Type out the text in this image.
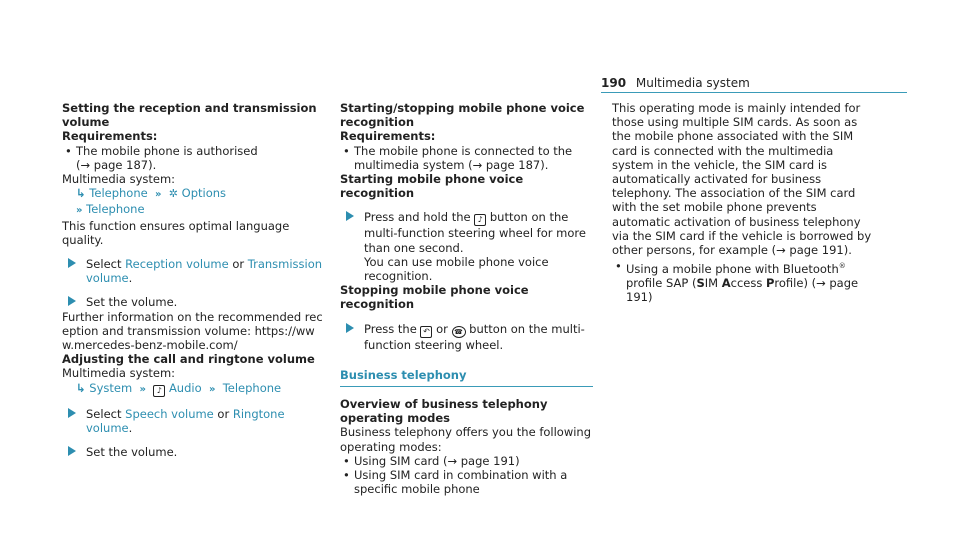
190 Multimedia system
Setting the reception and transmission volume
Requirements:
• The mobile phone is authorised
(→ page 187).
Multimedia system:
↳ Telephone » ✲ Options
» Telephone
This function ensures optimal language quality.
Select Reception volume or Transmission volume.
Set the volume.
Further information on the recommended reception and transmission volume: https://www.mercedes-benz-mobile.com/
Adjusting the call and ringtone volume
Multimedia system:
↳ System » ♪ Audio » Telephone
Select Speech volume or Ringtone volume.
Set the volume.
Starting/stopping mobile phone voice recognition
Requirements:
• The mobile phone is connected to the multimedia system (→ page 187).
Starting mobile phone voice recognition
Press and hold the ♪ button on the multi-function steering wheel for more than one second.
You can use mobile phone voice recognition.
Stopping mobile phone voice recognition
Press the ↶ or ☎ button on the multi-function steering wheel.
Business telephony
Overview of business telephony operating modes
Business telephony offers you the following operating modes:
• Using SIM card (→ page 191)
• Using SIM card in combination with a specific mobile phone
This operating mode is mainly intended for those using multiple SIM cards. As soon as the mobile phone associated with the SIM card is connected with the multimedia system in the vehicle, the SIM card is automatically activated for business telephony. The association of the SIM card with the set mobile phone prevents automatic activation of business telephony via the SIM card if the vehicle is borrowed by other persons, for example (→ page 191).
• Using a mobile phone with Bluetooth® profile SAP (SIM Access Profile) (→ page 191)
